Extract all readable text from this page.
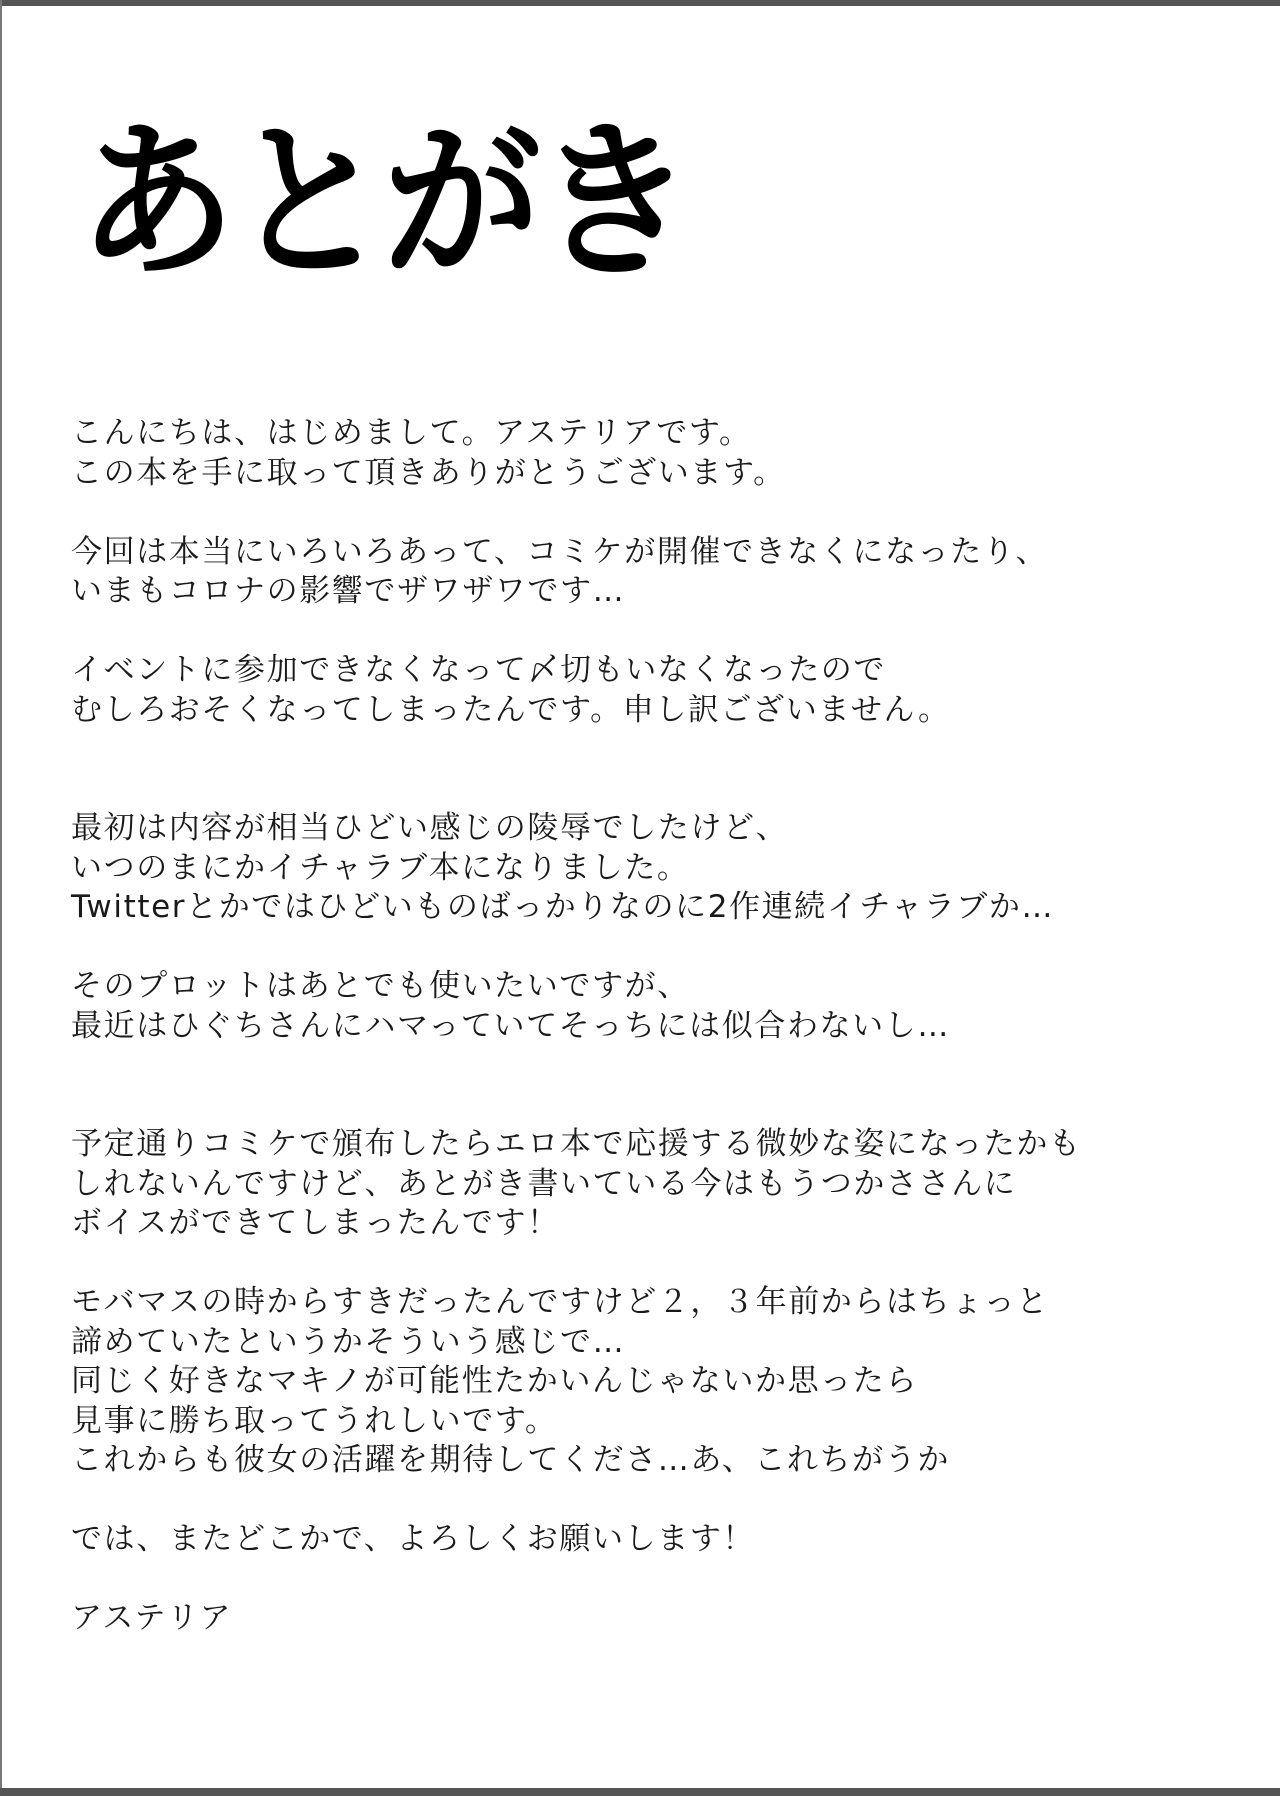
あとがき
こんにちは、はじめまして。アステリアです。
この本を手に取って頂きありがとうございます。
今回は本当にいろいろあって、コミケが開催できなくになったり、
いまもコロナの影響でザワザワです…
イベントに参加できなくなって〆切もいなくなったので
むしろおそくなってしまったんです。申し訳ございません。
最初は内容が相当ひどい感じの陵辱でしたけど、
いつのまにかイチャラブ本になりました。
Twitterとかではひどいものばっかりなのに2作連続イチャラブか…
そのプロットはあとでも使いたいですが、
最近はひぐちさんにハマっていてそっちには似合わないし…
予定通りコミケで頒布したらエロ本で応援する微妙な姿になったかも
しれないんですけど、あとがき書いている今はもうつかささんに
ボイスができてしまったんです！
モバマスの時からすきだったんですけど２，３年前からはちょっと
諦めていたというかそういう感じで…
同じく好きなマキノが可能性たかいんじゃないか思ったら
見事に勝ち取ってうれしいです。
これからも彼女の活躍を期待してくださ…あ、これちがうか
では、またどこかで、よろしくお願いします！
アステリア
